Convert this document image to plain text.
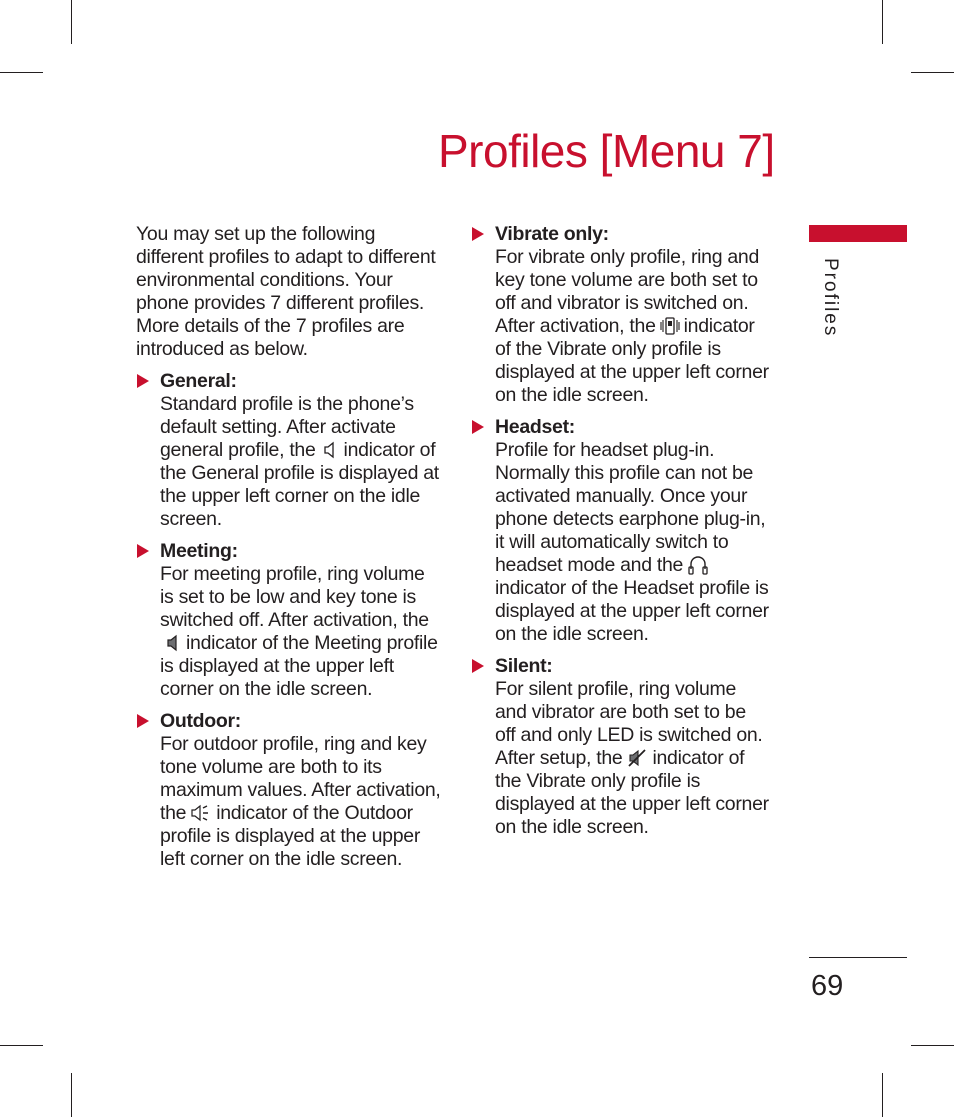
Profiles [Menu 7]
Profiles
69

You may set up the following different profiles to adapt to different environmental conditions. Your phone provides 7 different profiles. More details of the 7 profiles are introduced as below.

General:
Standard profile is the phone’s default setting. After activate general profile, the indicator of the General profile is displayed at the upper left corner on the idle screen.
Meeting:
For meeting profile, ring volume is set to be low and key tone is switched off. After activation, the
indicator of the Meeting profile is displayed at the upper left corner on the idle screen.
Outdoor:
For outdoor profile, ring and key tone volume are both to its maximum values. After activation, the indicator of the Outdoor profile is displayed at the upper left corner on the idle screen.
Vibrate only:
For vibrate only profile, ring and key tone volume are both set to off and vibrator is switched on. After activation, the indicator of the Vibrate only profile is displayed at the upper left corner on the idle screen.
Headset:
Profile for headset plug-in. Normally this profile can not be activated manually. Once your phone detects earphone plug-in, it will automatically switch to headset mode and the
indicator of the Headset profile is displayed at the upper left corner on the idle screen.
Silent:
For silent profile, ring volume and vibrator are both set to be off and only LED is switched on. After setup, the indicator of the Vibrate only profile is displayed at the upper left corner on the idle screen.
